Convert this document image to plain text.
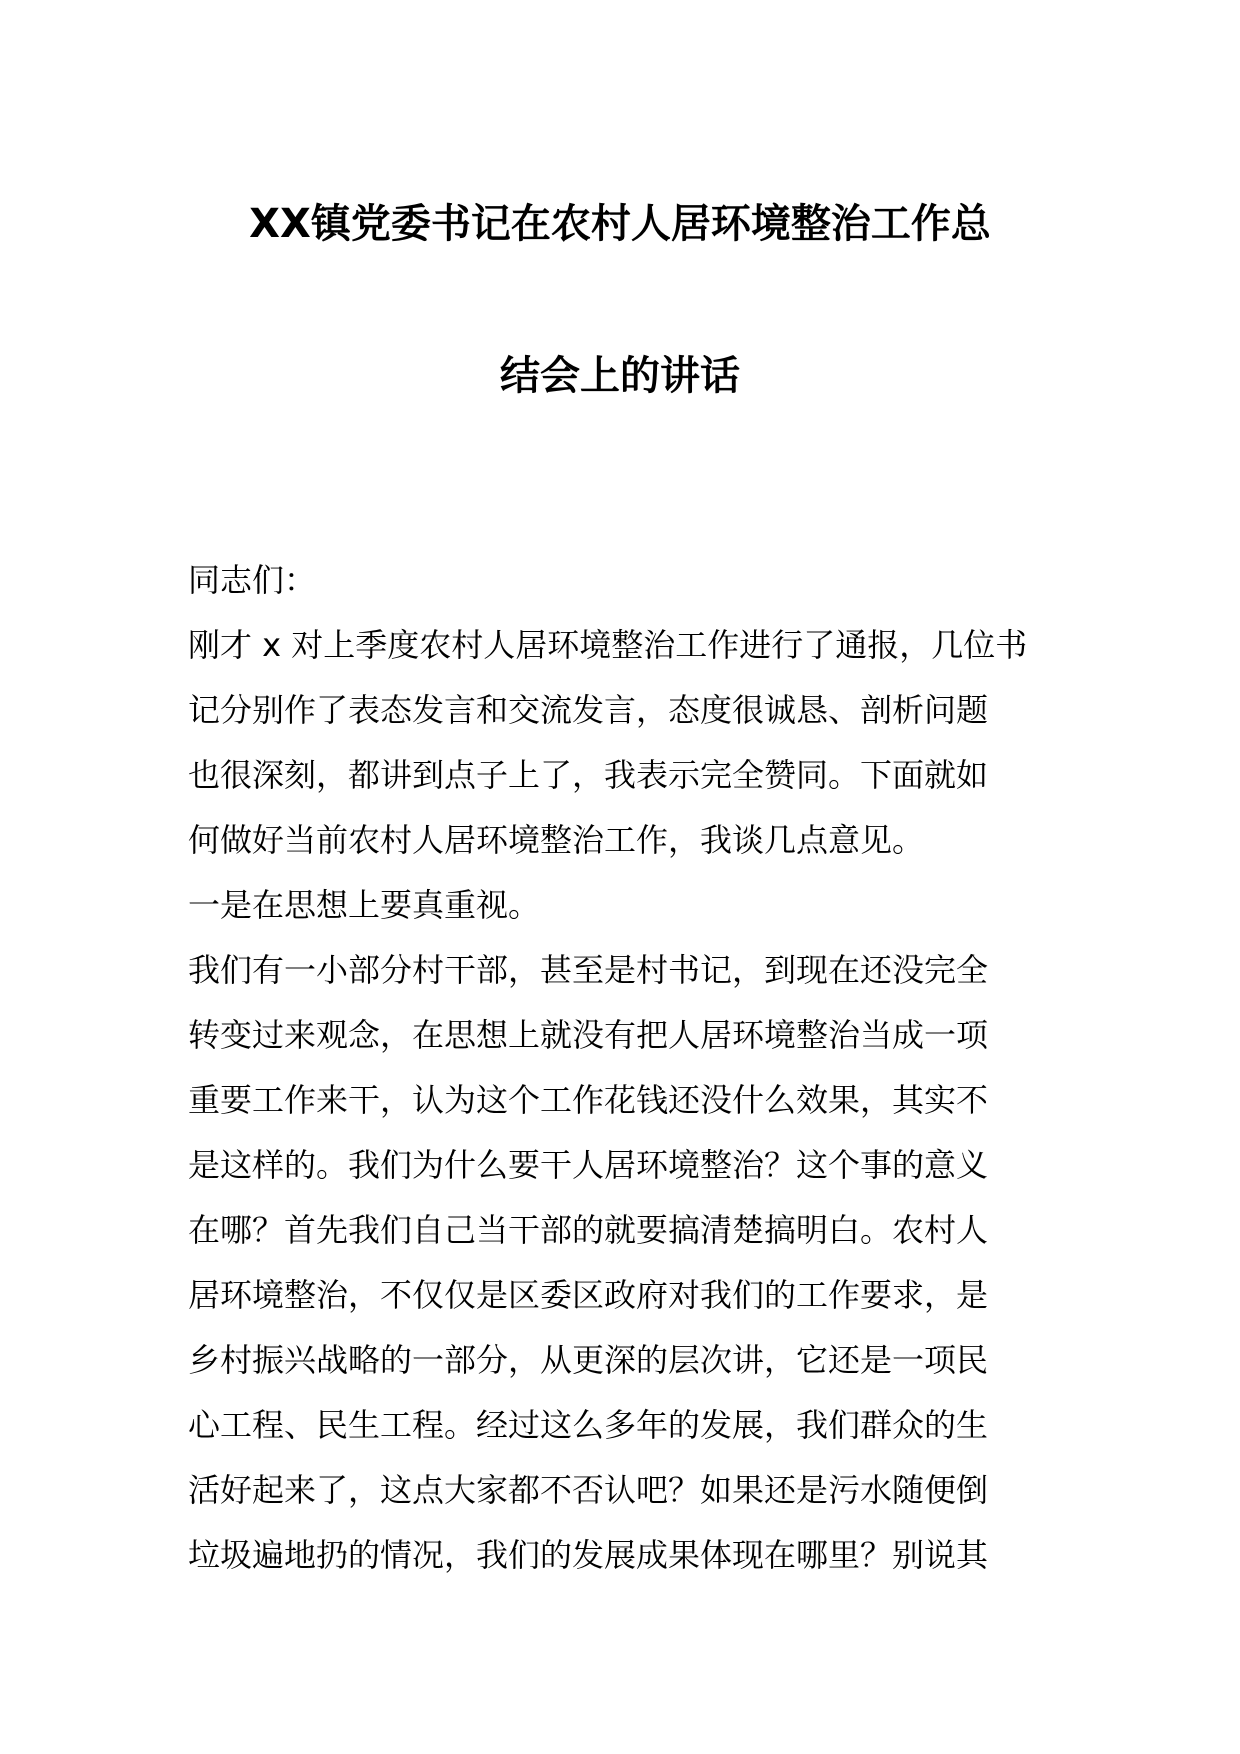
XX镇党委书记在农村人居环境整治工作总
结会上的讲话
同志们：
刚才 x 对上季度农村人居环境整治工作进行了通报，几位书
记分别作了表态发言和交流发言，态度很诚恳、剖析问题
也很深刻，都讲到点子上了，我表示完全赞同。下面就如
何做好当前农村人居环境整治工作，我谈几点意见。
一是在思想上要真重视。
我们有一小部分村干部，甚至是村书记，到现在还没完全
转变过来观念，在思想上就没有把人居环境整治当成一项
重要工作来干，认为这个工作花钱还没什么效果，其实不
是这样的。我们为什么要干人居环境整治？这个事的意义
在哪？首先我们自己当干部的就要搞清楚搞明白。农村人
居环境整治，不仅仅是区委区政府对我们的工作要求，是
乡村振兴战略的一部分，从更深的层次讲，它还是一项民
心工程、民生工程。经过这么多年的发展，我们群众的生
活好起来了，这点大家都不否认吧？如果还是污水随便倒
垃圾遍地扔的情况，我们的发展成果体现在哪里？别说其
